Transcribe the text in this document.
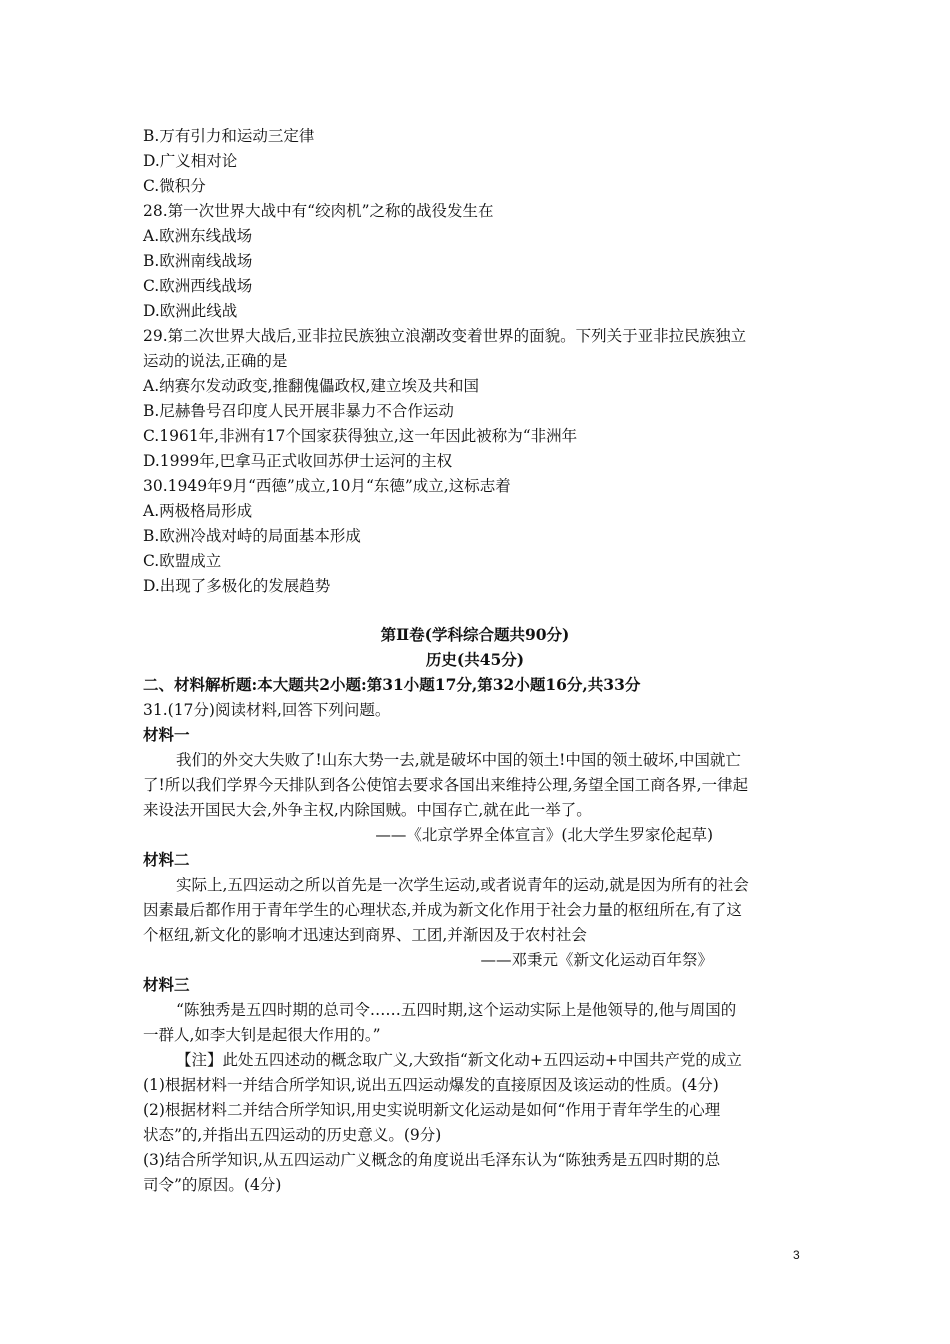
B.万有引力和运动三定律
D.广义相对论
C.微积分
28.第一次世界大战中有“绞肉机”之称的战役发生在
A.欧洲东线战场
B.欧洲南线战场
C.欧洲西线战场
D.欧洲此线战
29.第二次世界大战后,亚非拉民族独立浪潮改变着世界的面貌。下列关于亚非拉民族独立
运动的说法,正确的是
A.纳赛尔发动政变,推翻傀儡政权,建立埃及共和国
B.尼赫鲁号召印度人民开展非暴力不合作运动
C.1961年,非洲有17个国家获得独立,这一年因此被称为“非洲年
D.1999年,巴拿马正式收回苏伊士运河的主权
30.1949年9月“西德”成立,10月“东德”成立,这标志着
A.两极格局形成
B.欧洲冷战对峙的局面基本形成
C.欧盟成立
D.出现了多极化的发展趋势
第Ⅱ卷(学科综合题共90分)
历史(共45分)
二、材料解析题:本大题共2小题:第31小题17分,第32小题16分,共33分
31.(17分)阅读材料,回答下列问题。
材料一
我们的外交大失败了!山东大势一去,就是破坏中国的领土!中国的领土破坏,中国就亡
了!所以我们学界今天排队到各公使馆去要求各国出来维持公理,务望全国工商各界,一律起
来设法开国民大会,外争主权,内除国贼。中国存亡,就在此一举了。
——《北京学界全体宣言》(北大学生罗家伦起草)
材料二
实际上,五四运动之所以首先是一次学生运动,或者说青年的运动,就是因为所有的社会
因素最后都作用于青年学生的心理状态,并成为新文化作用于社会力量的枢纽所在,有了这
个枢纽,新文化的影响才迅速达到商界、工团,并渐因及于农村社会
——邓秉元《新文化运动百年祭》
材料三
“陈独秀是五四时期的总司令……五四时期,这个运动实际上是他领导的,他与周国的
一群人,如李大钊是起很大作用的。”
【注】此处五四述动的概念取广义,大致指“新文化动+五四运动+中国共产党的成立
(1)根据材料一并结合所学知识,说出五四运动爆发的直接原因及该运动的性质。(4分)
(2)根据材料二并结合所学知识,用史实说明新文化运动是如何“作用于青年学生的心理
状态”的,并指出五四运动的历史意义。(9分)
(3)结合所学知识,从五四运动广义概念的角度说出毛泽东认为“陈独秀是五四时期的总
司令”的原因。(4分)
3
